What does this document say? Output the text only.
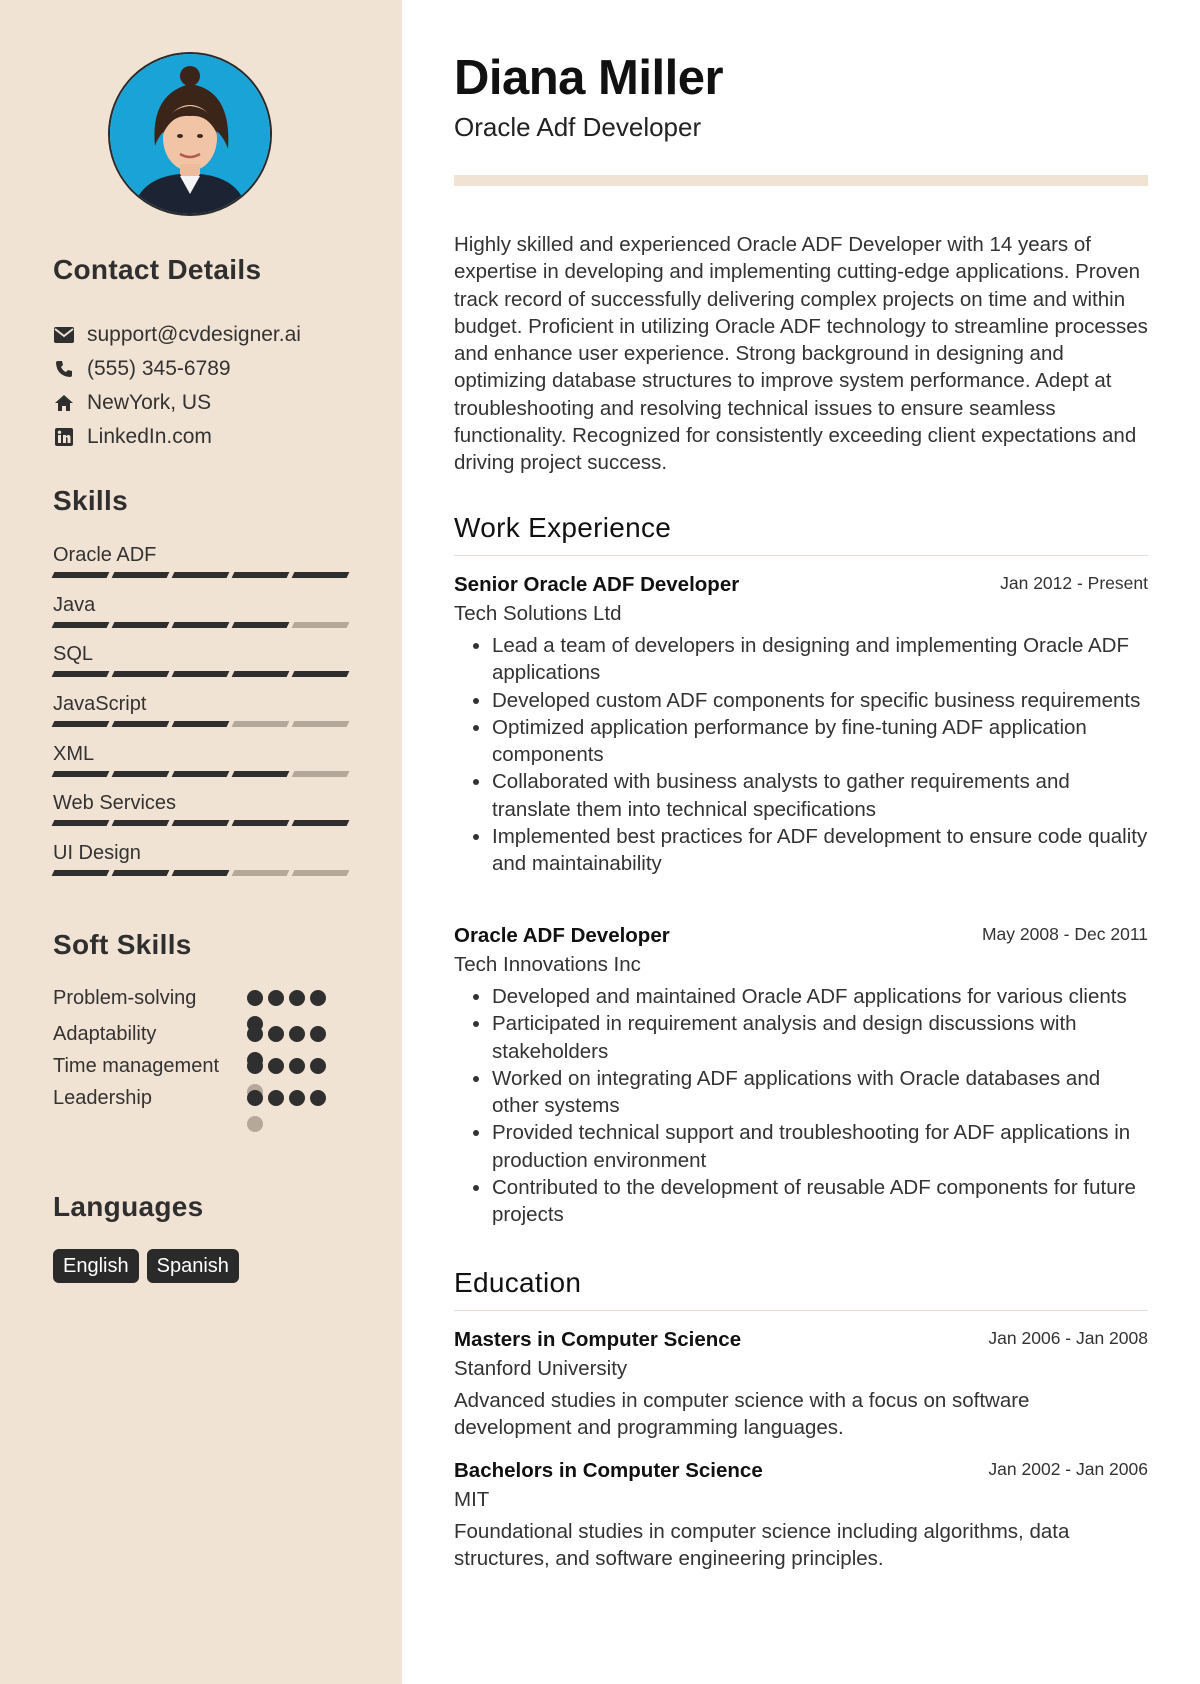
Contact Details
support@cvdesigner.ai
(555) 345-6789
NewYork, US
LinkedIn.com
Skills
Oracle ADF
Java
SQL
JavaScript
XML
Web Services
UI Design
Soft Skills
Problem-solving
Adaptability
Time management
Leadership
Languages
English	Spanish
Diana Miller
Oracle Adf Developer

Highly skilled and experienced Oracle ADF Developer with 14 years of expertise in developing and implementing cutting-edge applications. Proven track record of successfully delivering complex projects on time and within budget. Proficient in utilizing Oracle ADF technology to streamline processes and enhance user experience. Strong background in designing and optimizing database structures to improve system performance. Adept at troubleshooting and resolving technical issues to ensure seamless functionality. Recognized for consistently exceeding client expectations and driving project success.

Work Experience
Senior Oracle ADF Developer	Jan 2012 - Present
Tech Solutions Ltd
• Lead a team of developers in designing and implementing Oracle ADF applications
• Developed custom ADF components for specific business requirements
• Optimized application performance by fine-tuning ADF application components
• Collaborated with business analysts to gather requirements and translate them into technical specifications
• Implemented best practices for ADF development to ensure code quality and maintainability
Oracle ADF Developer	May 2008 - Dec 2011
Tech Innovations Inc
• Developed and maintained Oracle ADF applications for various clients
• Participated in requirement analysis and design discussions with stakeholders
• Worked on integrating ADF applications with Oracle databases and other systems
• Provided technical support and troubleshooting for ADF applications in production environment
• Contributed to the development of reusable ADF components for future projects
Education
Masters in Computer Science	Jan 2006 - Jan 2008
Stanford University

Advanced studies in computer science with a focus on software development and programming languages.

Bachelors in Computer Science	Jan 2002 - Jan 2006
MIT

Foundational studies in computer science including algorithms, data structures, and software engineering principles.
